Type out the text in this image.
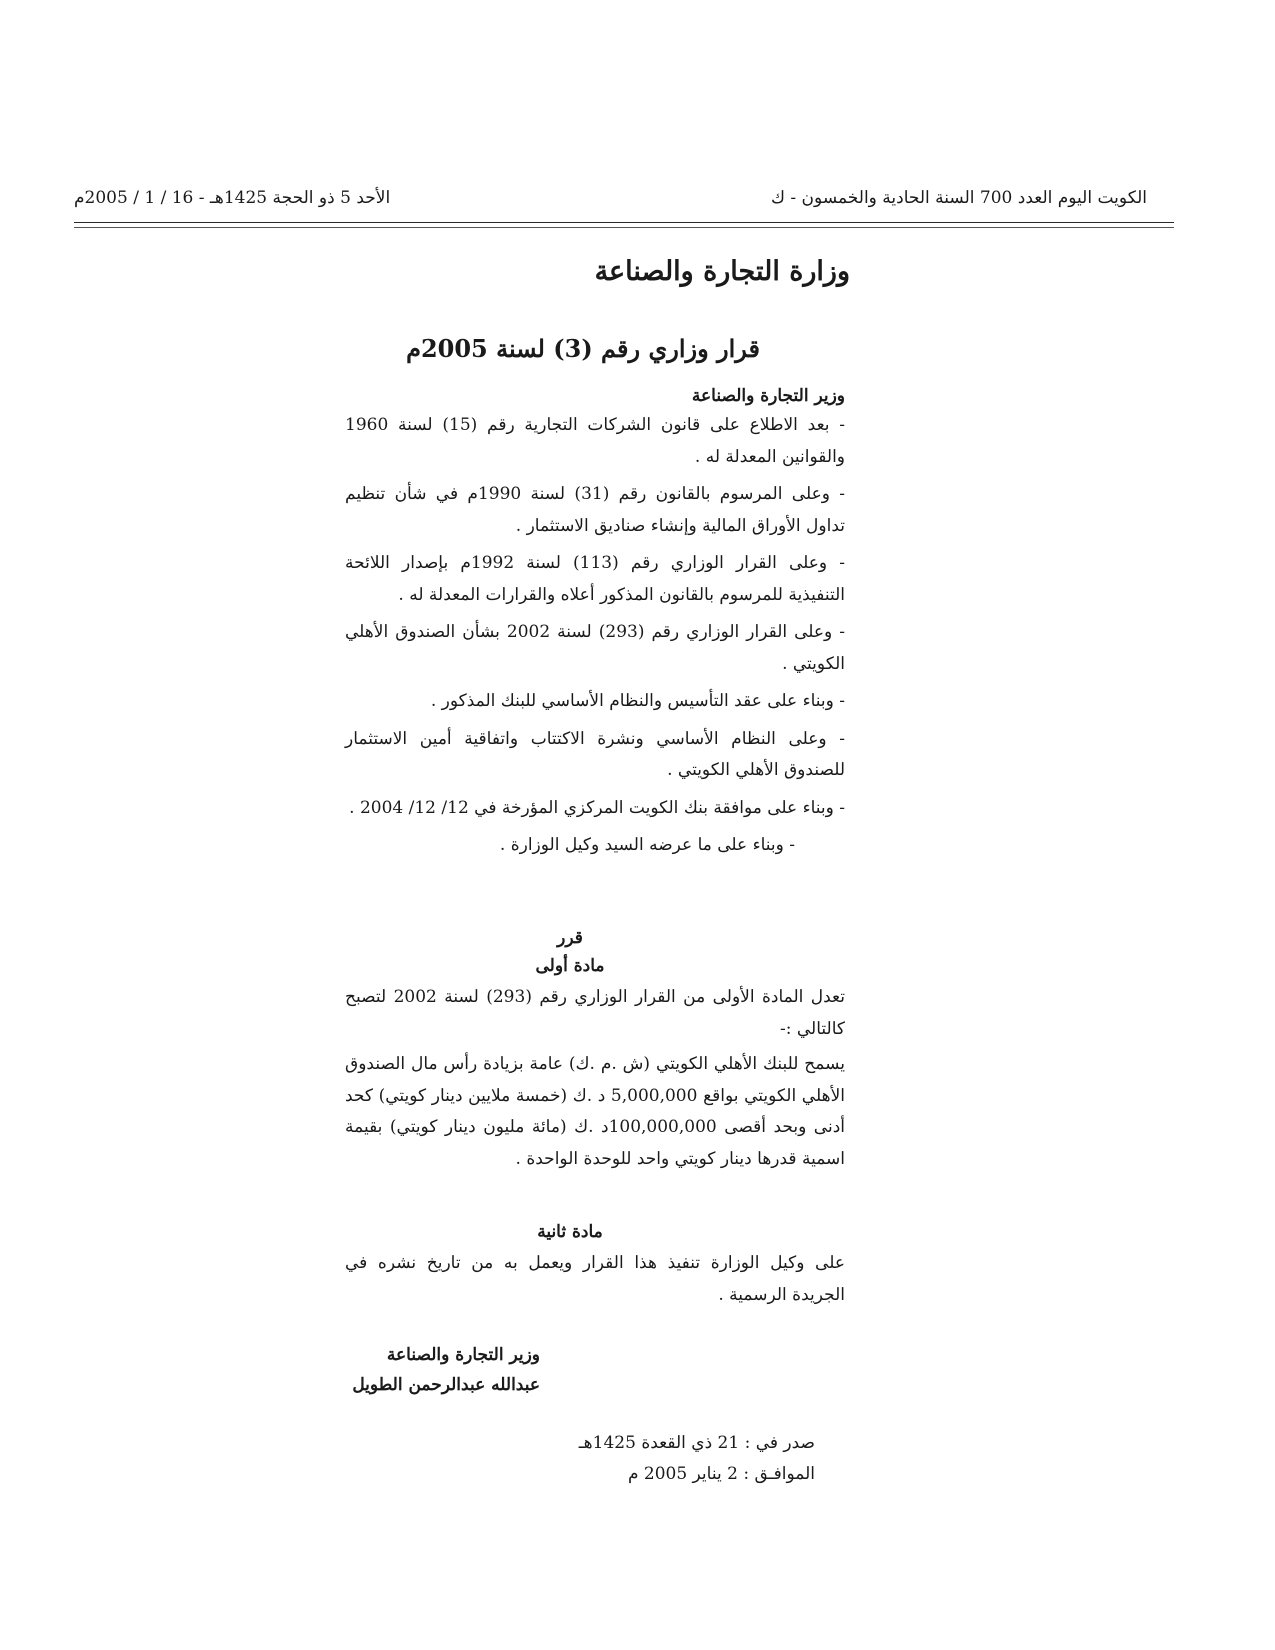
الكويت اليوم العدد 700 السنة الحادية والخمسون - ك
الأحد 5 ذو الحجة 1425هـ - 16 / 1 / 2005م
وزارة التجارة والصناعة
قرار وزاري رقم (3) لسنة 2005م

وزير التجارة والصناعة

- بعد الاطلاع على قانون الشركات التجارية رقم (15) لسنة 1960 والقوانين المعدلة له .

- وعلى المرسوم بالقانون رقم (31) لسنة 1990م في شأن تنظيم تداول الأوراق المالية وإنشاء صناديق الاستثمار .

- وعلى القرار الوزاري رقم (113) لسنة 1992م بإصدار اللائحة التنفيذية للمرسوم بالقانون المذكور أعلاه والقرارات المعدلة له .

- وعلى القرار الوزاري رقم (293) لسنة 2002 بشأن الصندوق الأهلي الكويتي .

- وبناء على عقد التأسيس والنظام الأساسي للبنك المذكور .

- وعلى النظام الأساسي ونشرة الاكتتاب واتفاقية أمين الاستثمار للصندوق الأهلي الكويتي .

- وبناء على موافقة بنك الكويت المركزي المؤرخة في 12/ 12/ 2004 .

- وبناء على ما عرضه السيد وكيل الوزارة .

قرر
مادة أولى

تعدل المادة الأولى من القرار الوزاري رقم (293) لسنة 2002 لتصبح كالتالي :-

يسمح للبنك الأهلي الكويتي (ش .م .ك) عامة بزيادة رأس مال الصندوق الأهلي الكويتي بواقع 5,000,000 د .ك (خمسة ملايين دينار كويتي) كحد أدنى وبحد أقصى 100,000,000د .ك (مائة مليون دينار كويتي) بقيمة اسمية قدرها دينار كويتي واحد للوحدة الواحدة .

مادة ثانية

على وكيل الوزارة تنفيذ هذا القرار ويعمل به من تاريخ نشره في الجريدة الرسمية .

وزير التجارة والصناعة
عبدالله عبدالرحمن الطويل
صدر في : 21 ذي القعدة 1425هـ
الموافـق : 2 يناير 2005 م
